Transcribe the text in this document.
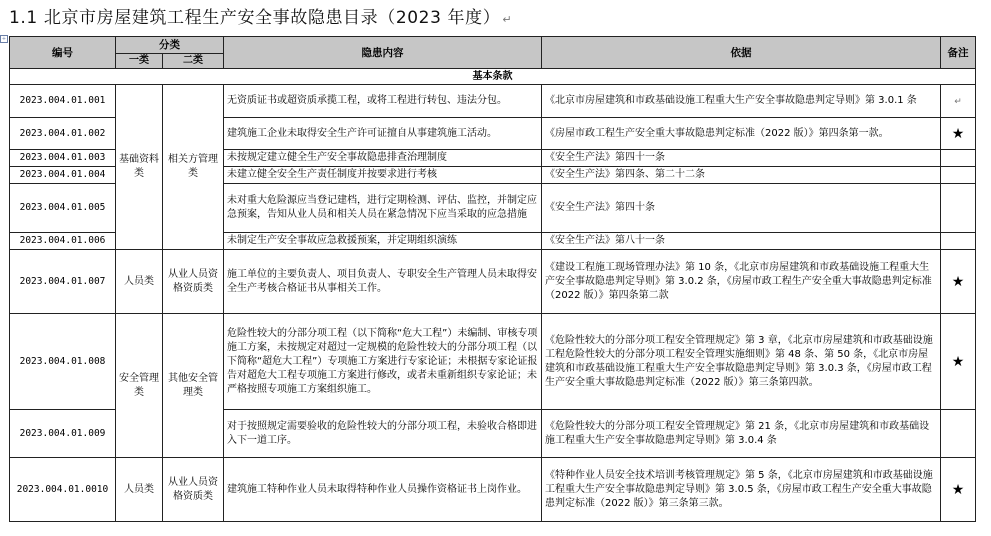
1.1 北京市房屋建筑工程生产安全事故隐患目录（2023 年度） ↵
+
编号	分类		隐患内容	依据	备注
	一类	二类			
基本条款					
2023.004.01.001	基础资料类	相关方管理类	无资质证书或超资质承揽工程，或将工程进行转包、违法分包。	《北京市房屋建筑和市政基础设施工程重大生产安全事故隐患判定导则》第 3.0.1 条	↵
2023.004.01.002			建筑施工企业未取得安全生产许可证擅自从事建筑施工活动。	《房屋市政工程生产安全重大事故隐患判定标准（2022 版）》第四条第一款。	★
2023.004.01.003			未按规定建立健全生产安全事故隐患排查治理制度	《安全生产法》第四十一条	
2023.004.01.004			未建立健全安全生产责任制度并按要求进行考核	《安全生产法》第四条、第二十二条	
2023.004.01.005			未对重大危险源应当登记建档，进行定期检测、评估、监控，并制定应急预案，告知从业人员和相关人员在紧急情况下应当采取的应急措施	《安全生产法》第四十条	
2023.004.01.006			未制定生产安全事故应急救援预案，并定期组织演练	《安全生产法》第八十一条	
2023.004.01.007	人员类	从业人员资格资质类	施工单位的主要负责人、项目负责人、专职安全生产管理人员未取得安全生产考核合格证书从事相关工作。	《建设工程施工现场管理办法》第 10 条，《北京市房屋建筑和市政基础设施工程重大生产安全事故隐患判定导则》第 3.0.2 条，《房屋市政工程生产安全重大事故隐患判定标准（2022 版）》第四条第二款	★
2023.004.01.008	安全管理类	其他安全管理类	危险性较大的分部分项工程（以下简称“危大工程”）未编制、审核专项施工方案，未按规定对超过一定规模的危险性较大的分部分项工程（以下简称“超危大工程”）专项施工方案进行专家论证；未根据专家论证报告对超危大工程专项施工方案进行修改，或者未重新组织专家论证；未严格按照专项施工方案组织施工。	《危险性较大的分部分项工程安全管理规定》第 3 章，《北京市房屋建筑和市政基础设施工程危险性较大的分部分项工程安全管理实施细则》第 48 条、第 50 条，《北京市房屋建筑和市政基础设施工程重大生产安全事故隐患判定导则》第 3.0.3 条，《房屋市政工程生产安全重大事故隐患判定标准（2022 版）》第三条第四款。	★
2023.004.01.009			对于按照规定需要验收的危险性较大的分部分项工程，未验收合格即进入下一道工序。	《危险性较大的分部分项工程安全管理规定》第 21 条，《北京市房屋建筑和市政基础设施工程重大生产安全事故隐患判定导则》第 3.0.4 条	
2023.004.01.0010	人员类	从业人员资格资质类	建筑施工特种作业人员未取得特种作业人员操作资格证书上岗作业。	《特种作业人员安全技术培训考核管理规定》第 5 条，《北京市房屋建筑和市政基础设施工程重大生产安全事故隐患判定导则》第 3.0.5 条，《房屋市政工程生产安全重大事故隐患判定标准（2022 版）》第三条第三款。	★
